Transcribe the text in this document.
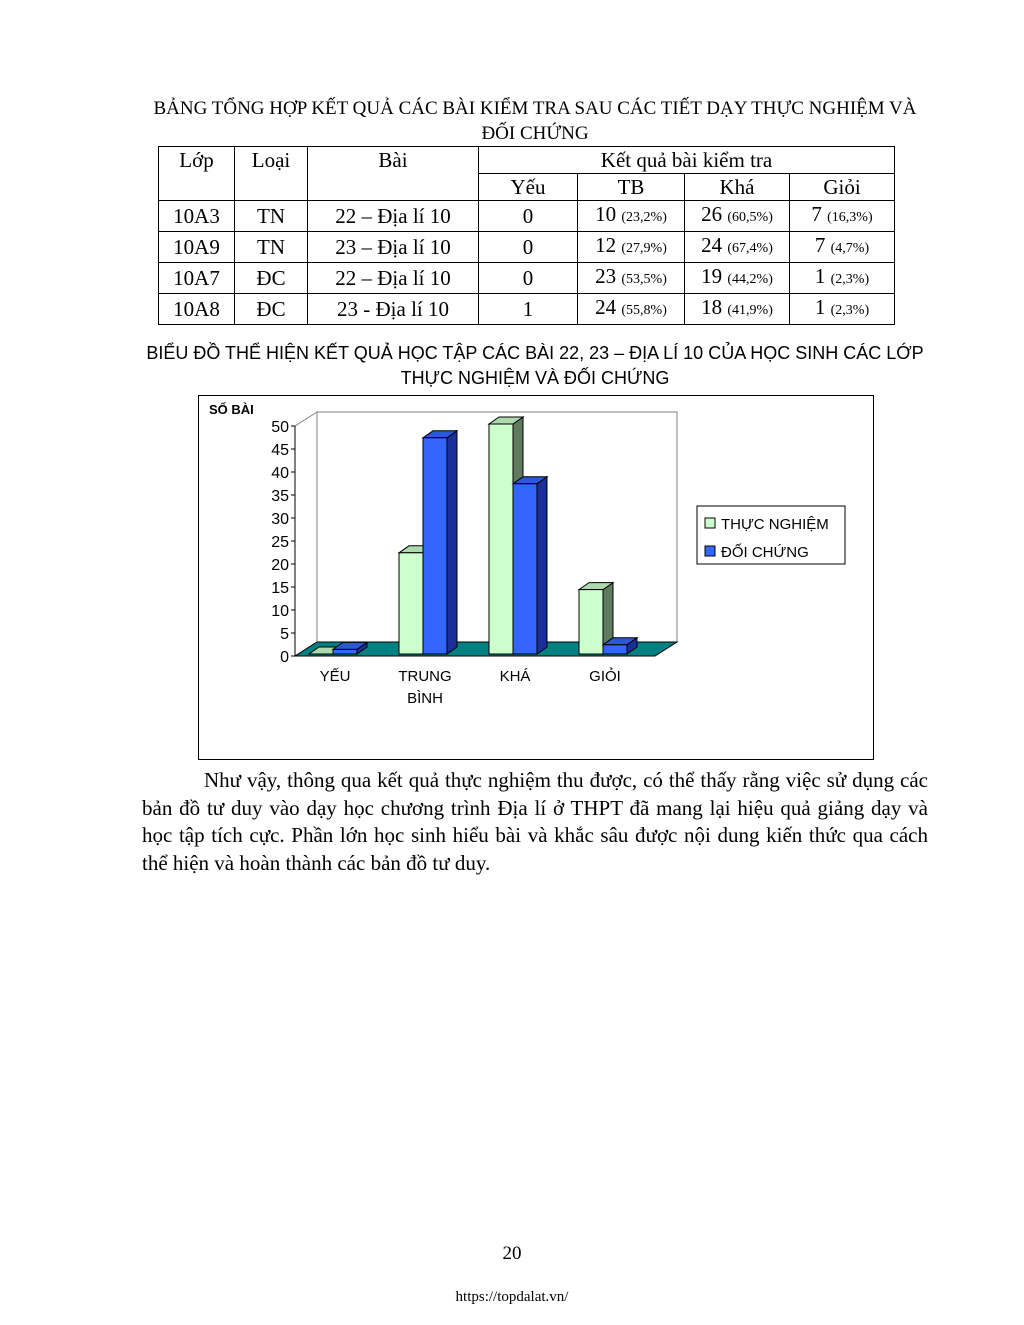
BẢNG TỔNG HỢP KẾT QUẢ CÁC BÀI KIỂM TRA SAU CÁC TIẾT DẠY THỰC NGHIỆM VÀ ĐỐI CHỨNG
Lớp	Loại	Bài	Kết quả bài kiểm tra			
			Yếu	TB	Khá	Giỏi
10A3	TN	22 – Địa lí 10	0	10 (23,2%)	26 (60,5%)	7 (16,3%)
10A9	TN	23 – Địa lí 10	0	12 (27,9%)	24 (67,4%)	7 (4,7%)
10A7	ĐC	22 – Địa lí 10	0	23 (53,5%)	19 (44,2%)	1 (2,3%)
10A8	ĐC	23 - Địa lí 10	1	24 (55,8%)	18 (41,9%)	1 (2,3%)
BIỂU ĐỒ THỂ HIỆN KẾT QUẢ HỌC TẬP CÁC BÀI 22, 23 – ĐỊA LÍ 10 CỦA HỌC SINH CÁC LỚP THỰC NGHIỆM VÀ ĐỐI CHỨNG
SỐ BÀI
0
5
10
15
20
25
30
35
40
45
50
YẾU	TRUNG
BÌNH
KHÁ	GIỎI
THỰC NGHIỆM
ĐỐI CHỨNG
Như vậy, thông qua kết quả thực nghiệm thu được, có thể thấy rằng việc sử dụng các bản đồ tư duy vào dạy học chương trình Địa lí ở THPT đã mang lại hiệu quả giảng dạy và học tập tích cực. Phần lớn học sinh hiểu bài và khắc sâu được nội dung kiến thức qua cách thể hiện và hoàn thành các bản đồ tư duy.
20
https://topdalat.vn/
